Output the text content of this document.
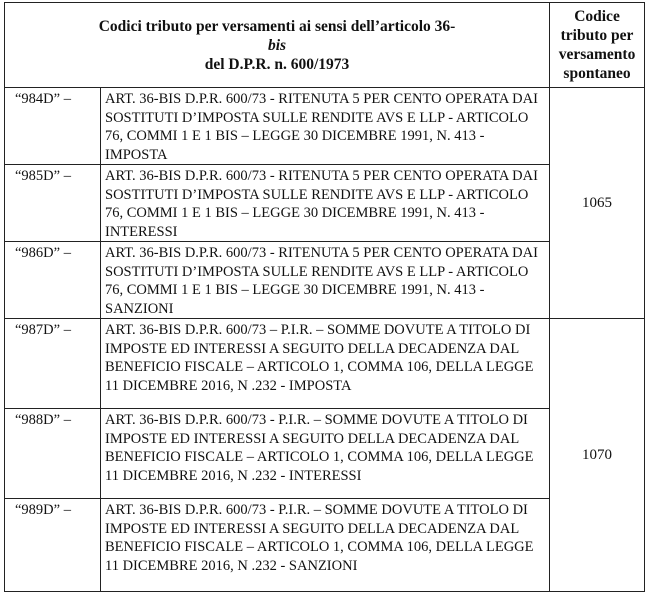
Codici tributo per versamenti ai sensi dell’articolo 36-
bis
del D.P.R. n. 600/1973		Codice tributo per versamento spontaneo

“984D” –	ART. 36-BIS D.P.R. 600/73 - RITENUTA 5 PER CENTO OPERATA DAI SOSTITUTI D’IMPOSTA SULLE RENDITE AVS E LLP - ARTICOLO 76, COMMI 1 E 1 BIS – LEGGE 30 DICEMBRE 1991, N. 413 - IMPOSTA	1065
“985D” –	ART. 36-BIS D.P.R. 600/73 - RITENUTA 5 PER CENTO OPERATA DAI SOSTITUTI D’IMPOSTA SULLE RENDITE AVS E LLP - ARTICOLO 76, COMMI 1 E 1 BIS – LEGGE 30 DICEMBRE 1991, N. 413 - INTERESSI	
“986D” –	ART. 36-BIS D.P.R. 600/73 - RITENUTA 5 PER CENTO OPERATA DAI SOSTITUTI D’IMPOSTA SULLE RENDITE AVS E LLP - ARTICOLO 76, COMMI 1 E 1 BIS – LEGGE 30 DICEMBRE 1991, N. 413 - SANZIONI	
“987D” –	ART. 36-BIS D.P.R. 600/73 – P.I.R. – SOMME DOVUTE A TITOLO DI IMPOSTE ED INTERESSI A SEGUITO DELLA DECADENZA DAL BENEFICIO FISCALE – ARTICOLO 1, COMMA 106, DELLA LEGGE 11 DICEMBRE 2016, N .232 - IMPOSTA	1070
“988D” –	ART. 36-BIS D.P.R. 600/73 - P.I.R. – SOMME DOVUTE A TITOLO DI IMPOSTE ED INTERESSI A SEGUITO DELLA DECADENZA DAL BENEFICIO FISCALE – ARTICOLO 1, COMMA 106, DELLA LEGGE 11 DICEMBRE 2016, N .232 - INTERESSI	
“989D” –	ART. 36-BIS D.P.R. 600/73 - P.I.R. – SOMME DOVUTE A TITOLO DI IMPOSTE ED INTERESSI A SEGUITO DELLA DECADENZA DAL BENEFICIO FISCALE – ARTICOLO 1, COMMA 106, DELLA LEGGE 11 DICEMBRE 2016, N .232 - SANZIONI	
